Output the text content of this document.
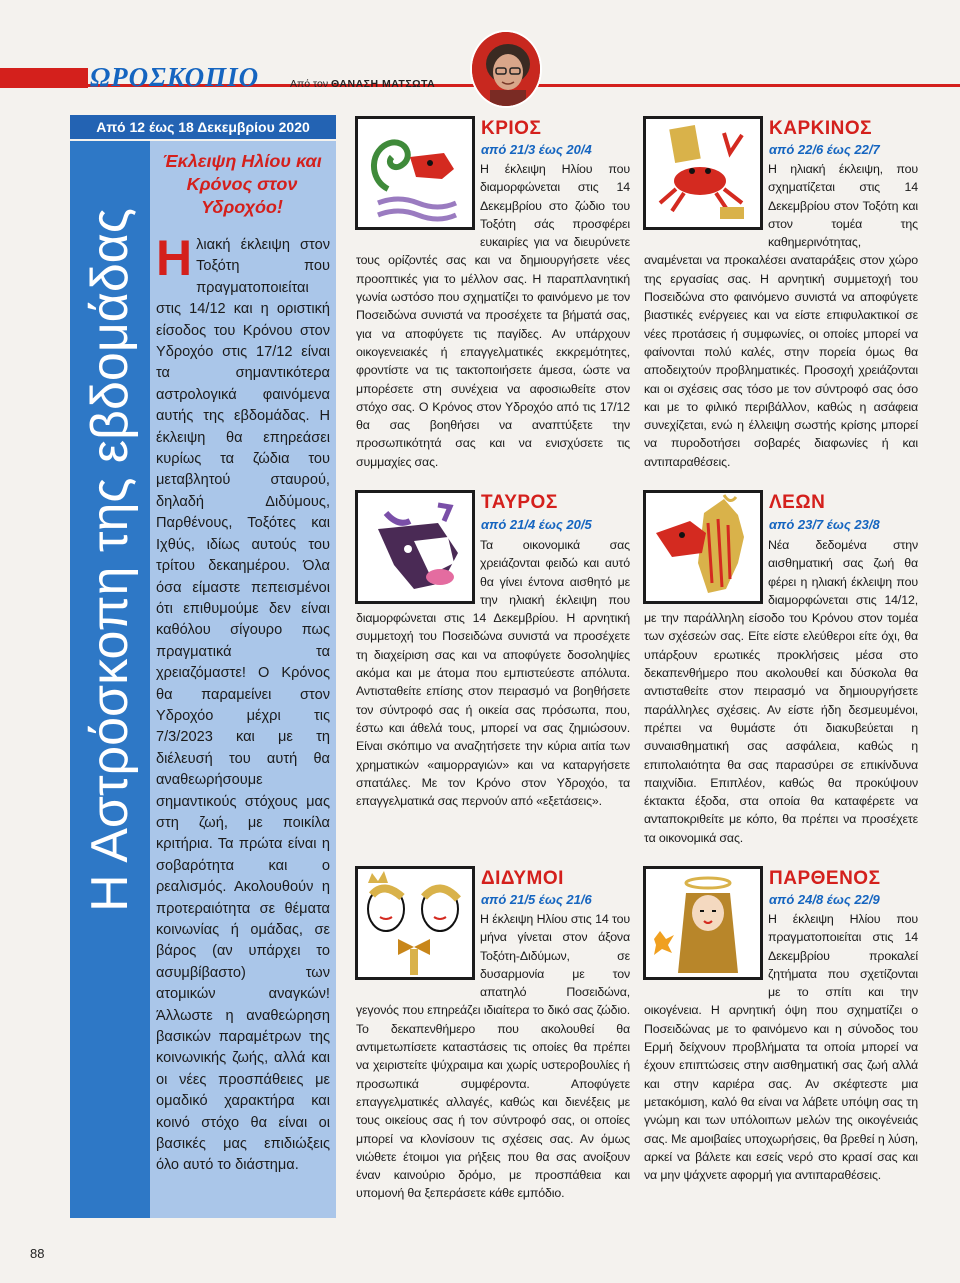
ΩΡΟΣΚΟΠΙΟ	Από τον ΘΑΝΑΣΗ ΜΑΤΣΩΤΑ
Από 12 έως 18 Δεκεμβρίου 2020
Η Αστρόσκοπη της εβδομάδας
Έκλειψη Ηλίου και Κρόνος στον Υδροχόο!
Ηλιακή έκλειψη στον Τοξότη που πραγματοποιείται στις 14/12 και η οριστική είσοδος του Κρόνου στον Υδροχόο στις 17/12 είναι τα σημαντικότερα αστρολογικά φαινόμενα αυτής της εβδομάδας. Η έκλειψη θα επηρεάσει κυρίως τα ζώδια του μεταβλητού σταυρού, δηλαδή Διδύμους, Παρθένους, Τοξότες και Ιχθύς, ιδίως αυτούς του τρίτου δεκαημέρου. Όλα όσα είμαστε πεπεισμένοι ότι επιθυμούμε δεν είναι καθόλου σίγουρο πως πραγματικά τα χρειαζόμαστε! Ο Κρόνος θα παραμείνει στον Υδροχόο μέχρι τις 7/3/2023 και με τη διέλευσή του αυτή θα αναθεωρήσουμε σημαντικούς στόχους μας στη ζωή, με ποικίλα κριτήρια. Τα πρώτα είναι η σοβαρότητα και ο ρεαλισμός. Ακολουθούν η προτεραιότητα σε θέματα κοινωνίας ή ομάδας, σε βάρος (αν υπάρχει το ασυμβίβαστο) των ατομικών αναγκών! Άλλωστε η αναθεώρηση βασικών παραμέτρων της κοινωνικής ζωής, αλλά και οι νέες προσπάθειες με ομαδικό χαρακτήρα και κοινό στόχο θα είναι οι βασικές μας επιδιώξεις όλο αυτό το διάστημα.
ΚΡΙΟΣ
από 21/3 έως 20/4
Η έκλειψη Ηλίου που διαμορφώνεται στις 14 Δεκεμβρίου στο ζώδιο του Τοξότη σάς προσφέρει ευκαιρίες για να διευρύνετε τους ορίζοντές σας και να δημιουργήσετε νέες προοπτικές για το μέλλον σας. Η παραπλανητική γωνία ωστόσο που σχηματίζει το φαινόμενο με τον Ποσειδώνα συνιστά να προσέχετε τα βήματά σας, για να αποφύγετε τις παγίδες. Αν υπάρχουν οικογενειακές ή επαγγελματικές εκκρεμότητες, φροντίστε να τις τακτοποιήσετε άμεσα, ώστε να μπορέσετε στη συνέχεια να αφοσιωθείτε στον στόχο σας. Ο Κρόνος στον Υδροχόο από τις 17/12 θα σας βοηθήσει να αναπτύξετε την προσωπικότητά σας και να ενισχύσετε τις συμμαχίες σας.
ΚΑΡΚΙΝΟΣ
από 22/6 έως 22/7
Η ηλιακή έκλειψη, που σχηματίζεται στις 14 Δεκεμβρίου στον Τοξότη και στον τομέα της καθημερινότητας, αναμένεται να προκαλέσει αναταράξεις στον χώρο της εργασίας σας. Η αρνητική συμμετοχή του Ποσειδώνα στο φαινόμενο συνιστά να αποφύγετε βιαστικές ενέργειες και να είστε επιφυλακτικοί σε νέες προτάσεις ή συμφωνίες, οι οποίες μπορεί να φαίνονται πολύ καλές, στην πορεία όμως θα αποδειχτούν προβληματικές. Προσοχή χρειάζονται και οι σχέσεις σας τόσο με τον σύντροφό σας όσο και με το φιλικό περιβάλλον, καθώς η ασάφεια συνεχίζεται, ενώ η έλλειψη σωστής κρίσης μπορεί να πυροδοτήσει σοβαρές διαφωνίες ή και αντιπαραθέσεις.
ΤΑΥΡΟΣ
από 21/4 έως 20/5
Τα οικονομικά σας χρειάζονται φειδώ και αυτό θα γίνει έντονα αισθητό με την ηλιακή έκλειψη που διαμορφώνεται στις 14 Δεκεμβρίου. Η αρνητική συμμετοχή του Ποσειδώνα συνιστά να προσέχετε τη διαχείριση σας και να αποφύγετε δοσοληψίες ακόμα και με άτομα που εμπιστεύεστε απόλυτα. Αντισταθείτε επίσης στον πειρασμό να βοηθήσετε τον σύντροφό σας ή οικεία σας πρόσωπα, που, έστω και άθελά τους, μπορεί να σας ζημιώσουν. Είναι σκόπιμο να αναζητήσετε την κύρια αιτία των χρηματικών «αιμορραγιών» και να καταργήσετε σπατάλες. Με τον Κρόνο στον Υδροχόο, τα επαγγελματικά σας περνούν από «εξετάσεις».
ΛΕΩΝ
από 23/7 έως 23/8
Νέα δεδομένα στην αισθηματική σας ζωή θα φέρει η ηλιακή έκλειψη που διαμορφώνεται στις 14/12, με την παράλληλη είσοδο του Κρόνου στον τομέα των σχέσεών σας. Είτε είστε ελεύθεροι είτε όχι, θα υπάρξουν ερωτικές προκλήσεις μέσα στο δεκαπενθήμερο που ακολουθεί και δύσκολα θα αντισταθείτε στον πειρασμό να δημιουργήσετε παράλληλες σχέσεις. Αν είστε ήδη δεσμευμένοι, πρέπει να θυμάστε ότι διακυβεύεται η συναισθηματική σας ασφάλεια, καθώς η επιπολαιότητα θα σας παρασύρει σε επικίνδυνα παιχνίδια. Επιπλέον, καθώς θα προκύψουν έκτακτα έξοδα, στα οποία θα καταφέρετε να ανταποκριθείτε με κόπο, θα πρέπει να προσέχετε τα οικονομικά σας.
ΔΙΔΥΜΟΙ
από 21/5 έως 21/6
Η έκλειψη Ηλίου στις 14 του μήνα γίνεται στον άξονα Τοξότη-Διδύμων, σε δυσαρμονία με τον απατηλό Ποσειδώνα, γεγονός που επηρεάζει ιδιαίτερα το δικό σας ζώδιο. Το δεκαπενθήμερο που ακολουθεί θα αντιμετωπίσετε καταστάσεις τις οποίες θα πρέπει να χειριστείτε ψύχραιμα και χωρίς υστεροβουλίες ή προσωπικά συμφέροντα. Αποφύγετε επαγγελματικές αλλαγές, καθώς και διενέξεις με τους οικείους σας ή τον σύντροφό σας, οι οποίες μπορεί να κλονίσουν τις σχέσεις σας. Αν όμως νιώθετε έτοιμοι για ρήξεις που θα σας ανοίξουν έναν καινούριο δρόμο, με προσπάθεια και υπομονή θα ξεπεράσετε κάθε εμπόδιο.
ΠΑΡΘΕΝΟΣ
από 24/8 έως 22/9
Η έκλειψη Ηλίου που πραγματοποιείται στις 14 Δεκεμβρίου προκαλεί ζητήματα που σχετίζονται με το σπίτι και την οικογένεια. Η αρνητική όψη που σχηματίζει ο Ποσειδώνας με το φαινόμενο και η σύνοδος του Ερμή δείχνουν προβλήματα τα οποία μπορεί να έχουν επιπτώσεις στην αισθηματική σας ζωή αλλά και στην καριέρα σας. Αν σκέφτεστε μια μετακόμιση, καλό θα είναι να λάβετε υπόψη σας τη γνώμη και των υπόλοιπων μελών της οικογένειάς σας. Με αμοιβαίες υποχωρήσεις, θα βρεθεί η λύση, αρκεί να βάλετε και εσείς νερό στο κρασί σας και να μην ψάχνετε αφορμή για αντιπαραθέσεις.
88
